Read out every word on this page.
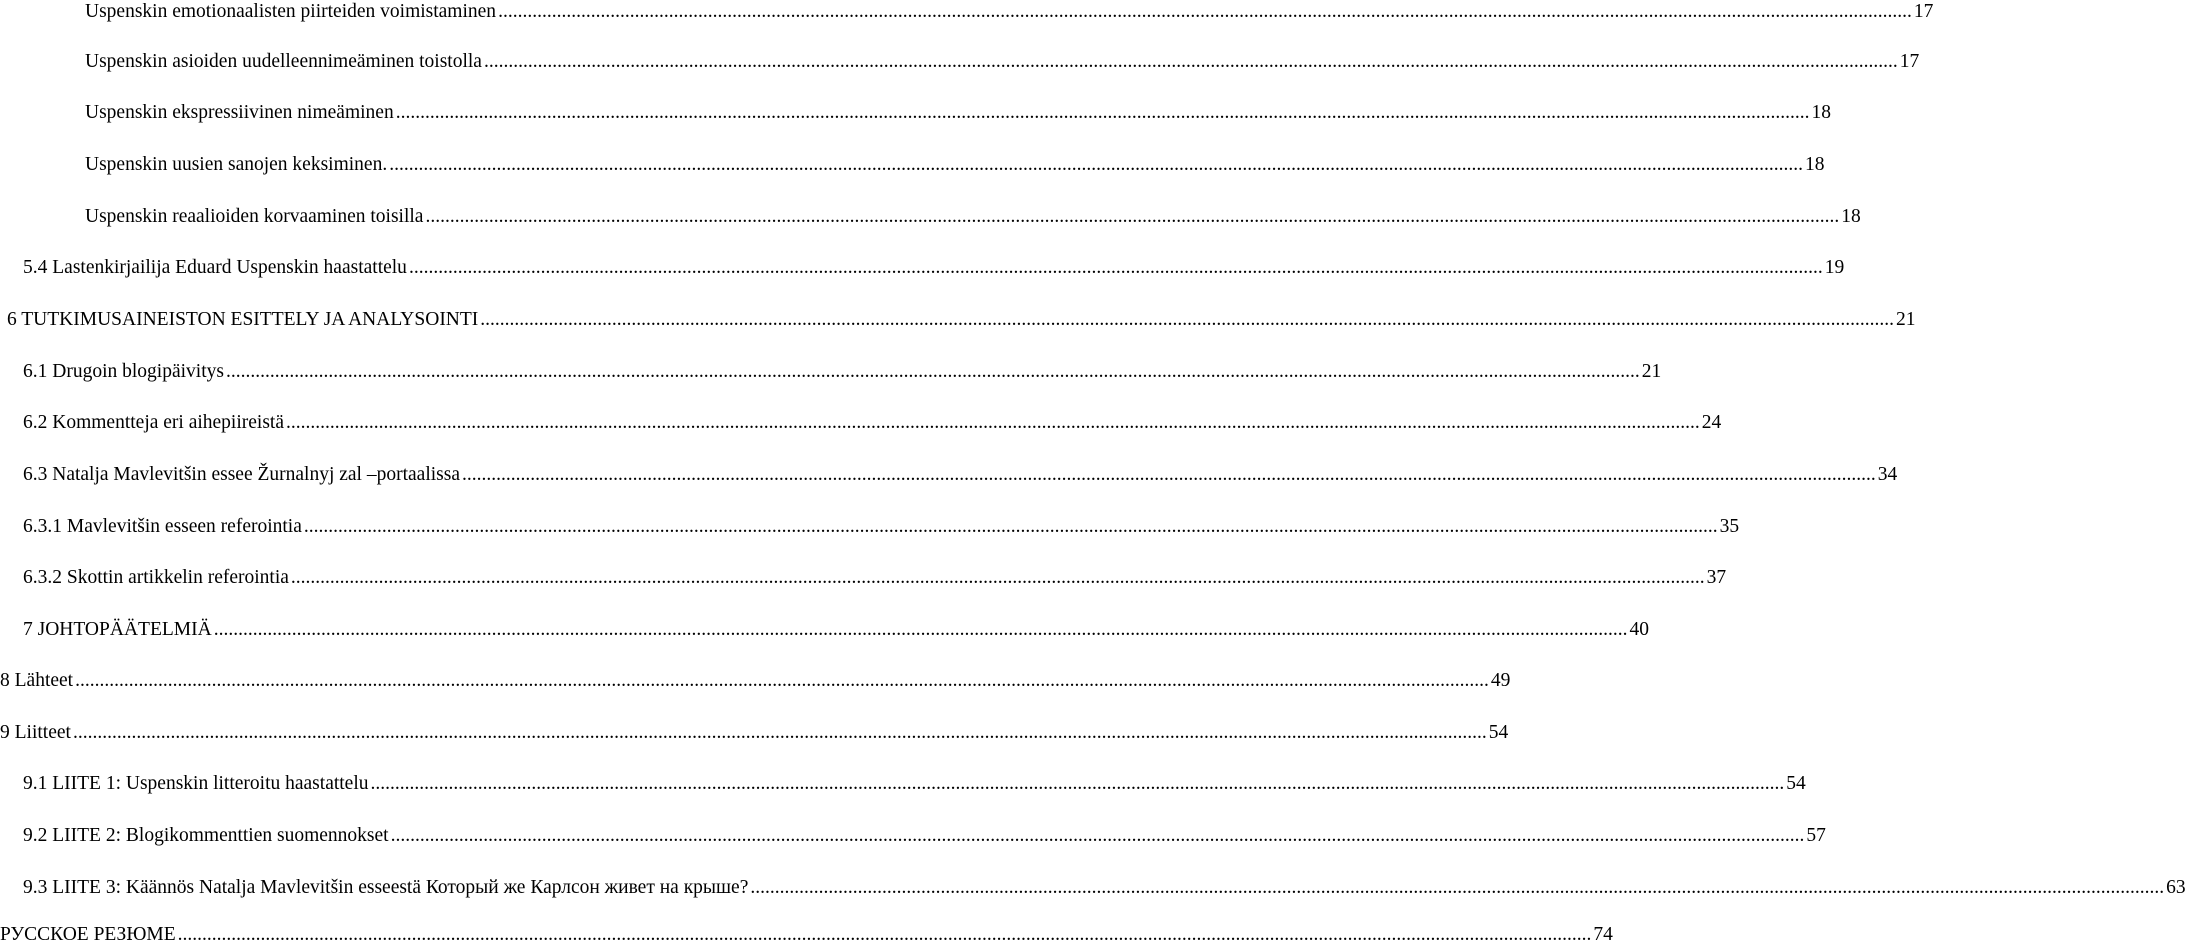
Uspenskin emotionaalisten piirteiden voimistaminen .....	17
Uspenskin asioiden uudelleennimeäminen toistolla .....	17
Uspenskin ekspressiivinen nimeäminen .....	18
Uspenskin uusien sanojen keksiminen. .....	18
Uspenskin reaalioiden korvaaminen toisilla .....	18
5.4 Lastenkirjailija Eduard Uspenskin haastattelu .....	19
6 TUTKIMUSAINEISTON ESITTELY JA ANALYSOINTI .....	21
6.1 Drugoin blogipäivitys .....	21
6.2 Kommentteja eri aihepiireistä .....	24
6.3 Natalja Mavlevitšin essee Žurnalnyj zal –portaalissa .....	34
6.3.1 Mavlevitšin esseen referointia .....	35
6.3.2 Skottin artikkelin referointia .....	37
7 JOHTOPÄÄTELMIÄ .....	40
8 Lähteet .....	49
9 Liitteet .....	54
9.1 LIITE 1: Uspenskin litteroitu haastattelu .....	54
9.2 LIITE 2: Blogikommenttien suomennokset .....	57
9.3 LIITE 3: Käännös Natalja Mavlevitšin esseestä Который же Карлсон живет на крыше? .....	63
РУССКОЕ РЕЗЮМЕ .....	74
